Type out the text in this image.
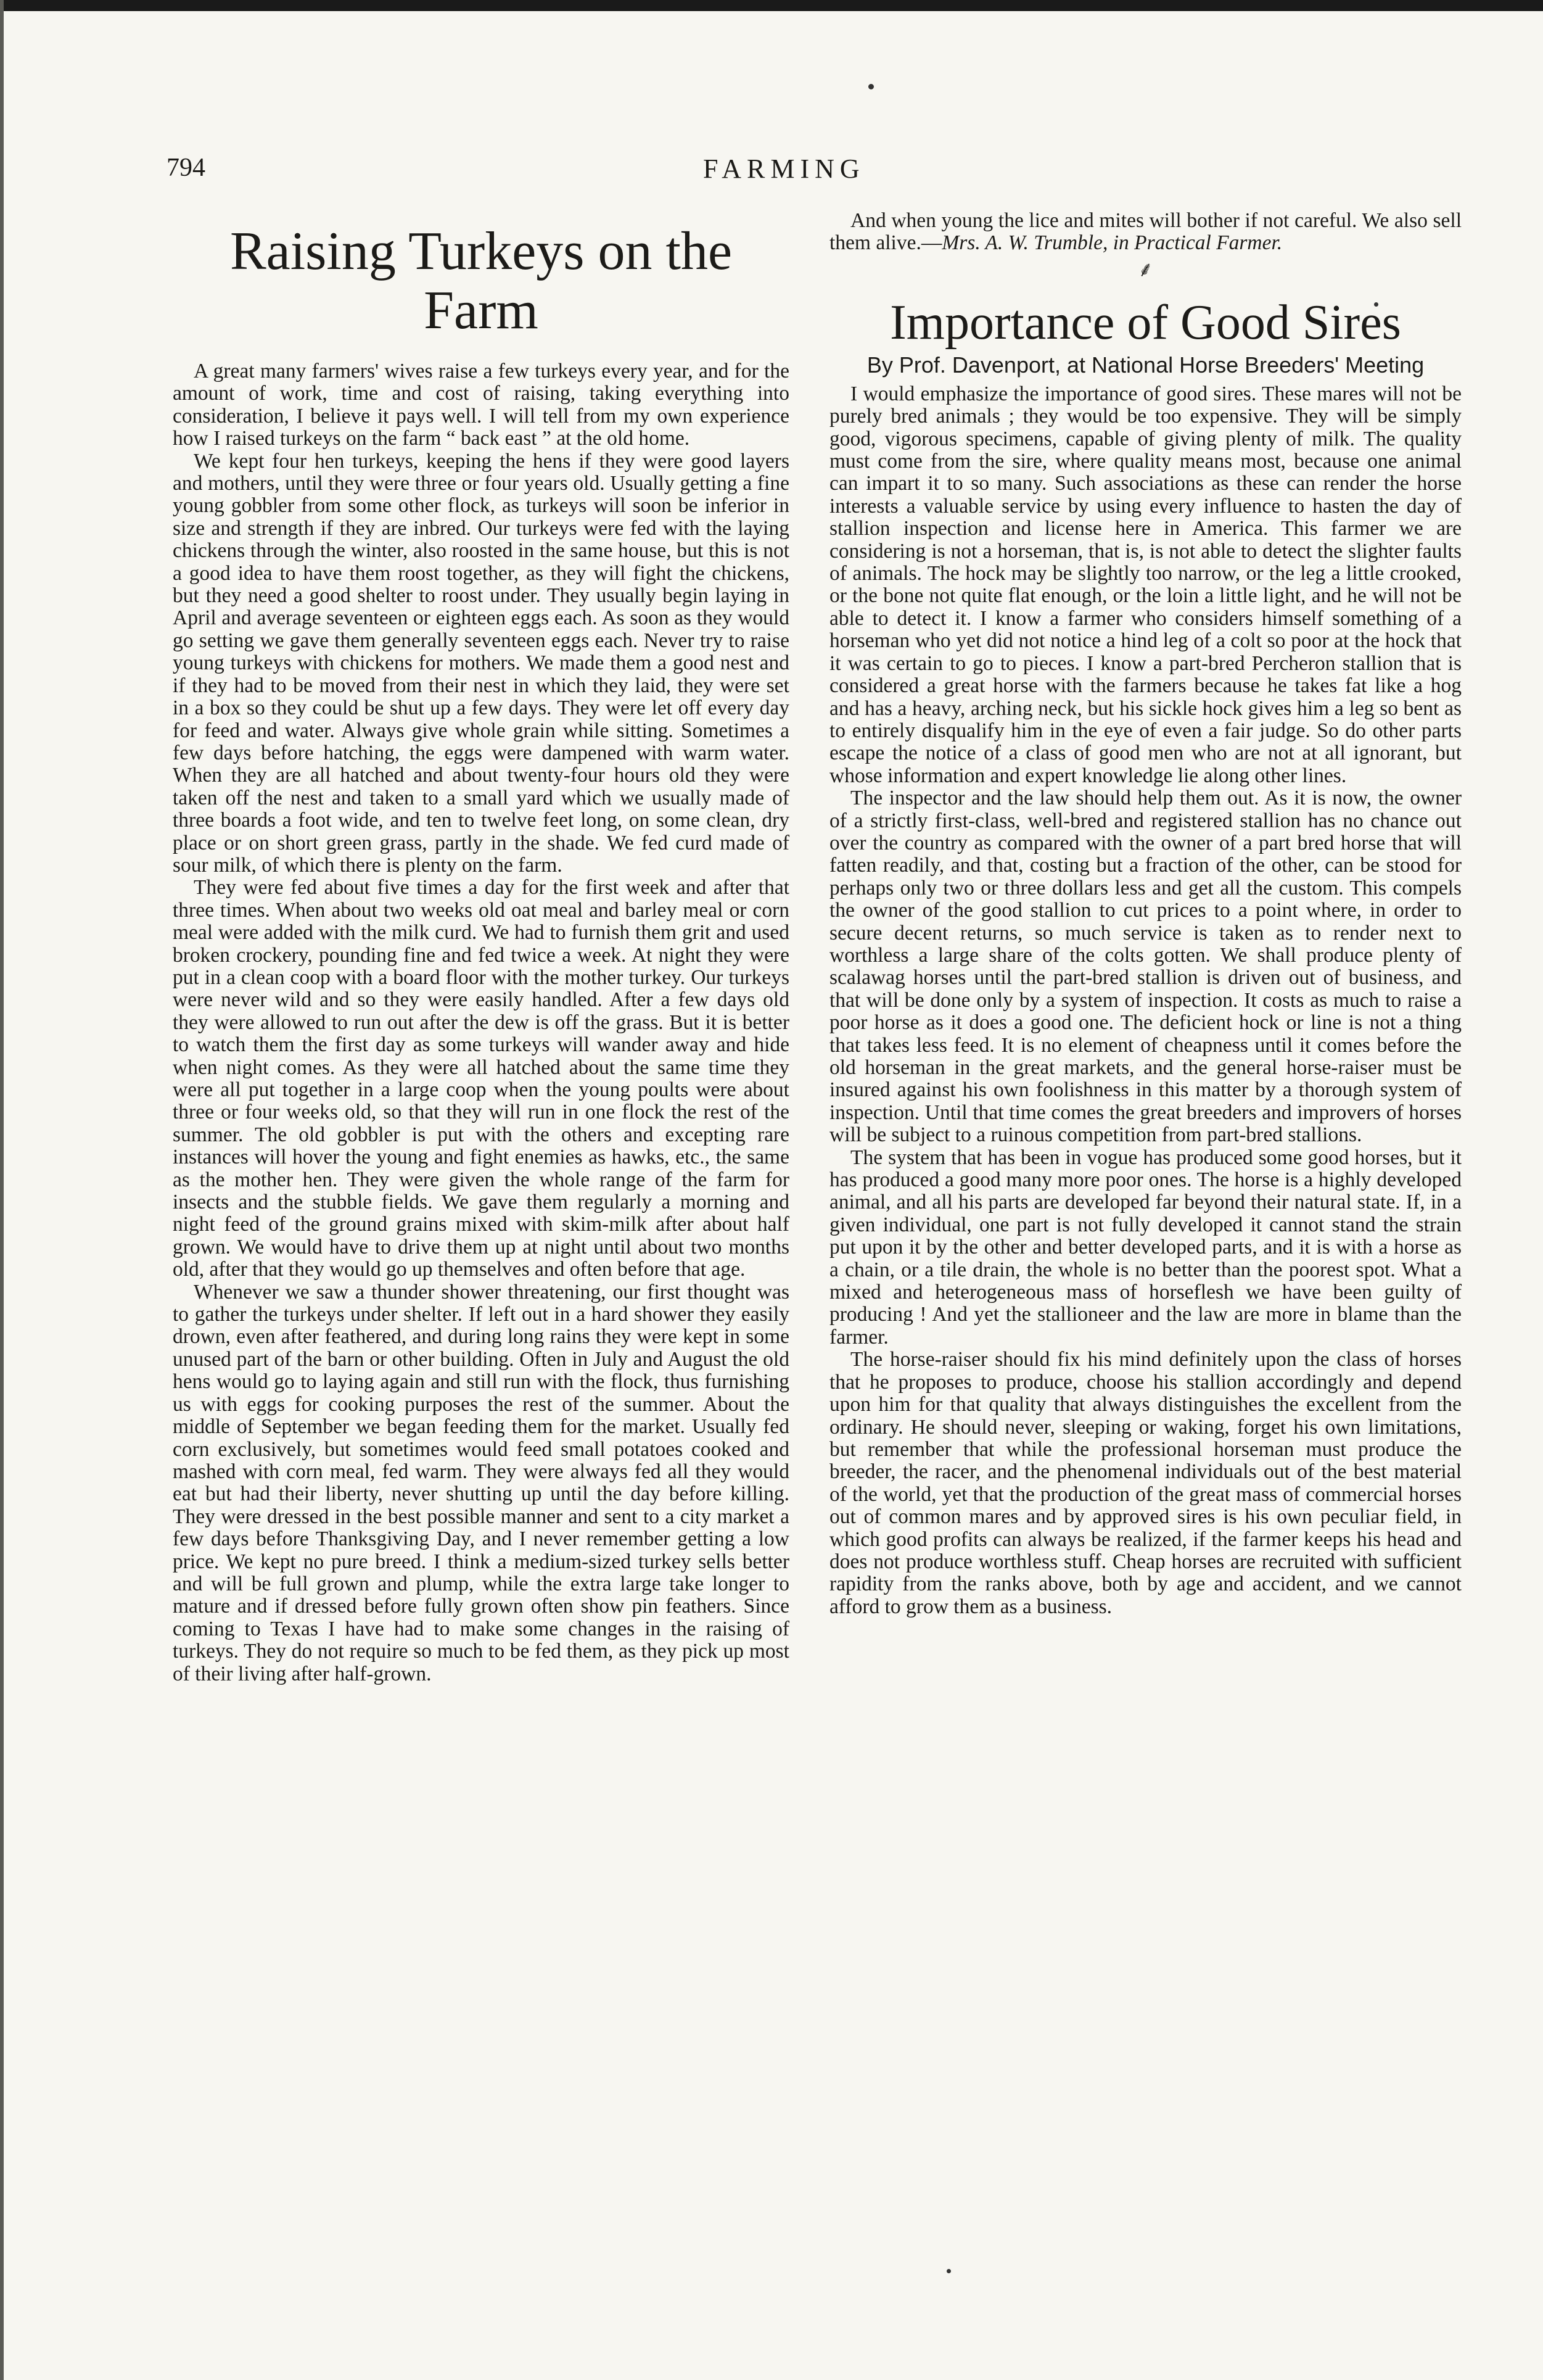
794	FARMING
Raising Turkeys on the Farm

A great many farmers' wives raise a few turkeys every year, and for the amount of work, time and cost of raising, taking everything into consideration, I believe it pays well. I will tell from my own experience how I raised turkeys on the farm “ back east ” at the old home.

We kept four hen turkeys, keeping the hens if they were good layers and mothers, until they were three or four years old. Usually getting a fine young gobbler from some other flock, as turkeys will soon be inferior in size and strength if they are inbred. Our turkeys were fed with the laying chickens through the winter, also roosted in the same house, but this is not a good idea to have them roost together, as they will fight the chickens, but they need a good shelter to roost under. They usually begin laying in April and average seventeen or eighteen eggs each. As soon as they would go setting we gave them generally seventeen eggs each. Never try to raise young turkeys with chickens for mothers. We made them a good nest and if they had to be moved from their nest in which they laid, they were set in a box so they could be shut up a few days. They were let off every day for feed and water. Always give whole grain while sitting. Sometimes a few days before hatching, the eggs were dampened with warm water. When they are all hatched and about twenty-four hours old they were taken off the nest and taken to a small yard which we usually made of three boards a foot wide, and ten to twelve feet long, on some clean, dry place or on short green grass, partly in the shade. We fed curd made of sour milk, of which there is plenty on the farm.

They were fed about five times a day for the first week and after that three times. When about two weeks old oat meal and barley meal or corn meal were added with the milk curd. We had to furnish them grit and used broken crockery, pounding fine and fed twice a week. At night they were put in a clean coop with a board floor with the mother turkey. Our turkeys were never wild and so they were easily handled. After a few days old they were allowed to run out after the dew is off the grass. But it is better to watch them the first day as some turkeys will wander away and hide when night comes. As they were all hatched about the same time they were all put together in a large coop when the young poults were about three or four weeks old, so that they will run in one flock the rest of the summer. The old gobbler is put with the others and excepting rare instances will hover the young and fight enemies as hawks, etc., the same as the mother hen. They were given the whole range of the farm for insects and the stubble fields. We gave them regularly a morning and night feed of the ground grains mixed with skim-milk after about half grown. We would have to drive them up at night until about two months old, after that they would go up themselves and often before that age.

Whenever we saw a thunder shower threatening, our first thought was to gather the turkeys under shelter. If left out in a hard shower they easily drown, even after feathered, and during long rains they were kept in some unused part of the barn or other building. Often in July and August the old hens would go to laying again and still run with the flock, thus furnishing us with eggs for cooking purposes the rest of the summer. About the middle of September we began feeding them for the market. Usually fed corn exclusively, but sometimes would feed small potatoes cooked and mashed with corn meal, fed warm. They were always fed all they would eat but had their liberty, never shutting up until the day before killing. They were dressed in the best possible manner and sent to a city market a few days before Thanksgiving Day, and I never remember getting a low price. We kept no pure breed. I think a medium-sized turkey sells better and will be full grown and plump, while the extra large take longer to mature and if dressed before fully grown often show pin feathers. Since coming to Texas I have had to make some changes in the raising of turkeys. They do not require so much to be fed them, as they pick up most of their living after half-grown.

And when young the lice and mites will bother if not careful. We also sell them alive.—Mrs. A. W. Trumble, in Practical Farmer.

⸙
Importance of Good Sires
By Prof. Davenport, at National Horse Breeders' Meeting

I would emphasize the importance of good sires. These mares will not be purely bred animals ; they would be too expensive. They will be simply good, vigorous specimens, capable of giving plenty of milk. The quality must come from the sire, where quality means most, because one animal can impart it to so many. Such associations as these can render the horse interests a valuable service by using every influence to hasten the day of stallion inspection and license here in America. This farmer we are considering is not a horseman, that is, is not able to detect the slighter faults of animals. The hock may be slightly too narrow, or the leg a little crooked, or the bone not quite flat enough, or the loin a little light, and he will not be able to detect it. I know a farmer who considers himself something of a horseman who yet did not notice a hind leg of a colt so poor at the hock that it was certain to go to pieces. I know a part-bred Percheron stallion that is considered a great horse with the farmers because he takes fat like a hog and has a heavy, arching neck, but his sickle hock gives him a leg so bent as to entirely disqualify him in the eye of even a fair judge. So do other parts escape the notice of a class of good men who are not at all ignorant, but whose information and expert knowledge lie along other lines.

The inspector and the law should help them out. As it is now, the owner of a strictly first-class, well-bred and registered stallion has no chance out over the country as compared with the owner of a part bred horse that will fatten readily, and that, costing but a fraction of the other, can be stood for perhaps only two or three dollars less and get all the custom. This compels the owner of the good stallion to cut prices to a point where, in order to secure decent returns, so much service is taken as to render next to worthless a large share of the colts gotten. We shall produce plenty of scalawag horses until the part-bred stallion is driven out of business, and that will be done only by a system of inspection. It costs as much to raise a poor horse as it does a good one. The deficient hock or line is not a thing that takes less feed. It is no element of cheapness until it comes before the old horseman in the great markets, and the general horse-raiser must be insured against his own foolishness in this matter by a thorough system of inspection. Until that time comes the great breeders and improvers of horses will be subject to a ruinous competition from part-bred stallions.

The system that has been in vogue has produced some good horses, but it has produced a good many more poor ones. The horse is a highly developed animal, and all his parts are developed far beyond their natural state. If, in a given individual, one part is not fully developed it cannot stand the strain put upon it by the other and better developed parts, and it is with a horse as a chain, or a tile drain, the whole is no better than the poorest spot. What a mixed and heterogeneous mass of horseflesh we have been guilty of producing ! And yet the stallioneer and the law are more in blame than the farmer.

The horse-raiser should fix his mind definitely upon the class of horses that he proposes to produce, choose his stallion accordingly and depend upon him for that quality that always distinguishes the excellent from the ordinary. He should never, sleeping or waking, forget his own limitations, but remember that while the professional horseman must produce the breeder, the racer, and the phenomenal individuals out of the best material of the world, yet that the production of the great mass of commercial horses out of common mares and by approved sires is his own peculiar field, in which good profits can always be realized, if the farmer keeps his head and does not produce worthless stuff. Cheap horses are recruited with sufficient rapidity from the ranks above, both by age and accident, and we cannot afford to grow them as a business.
